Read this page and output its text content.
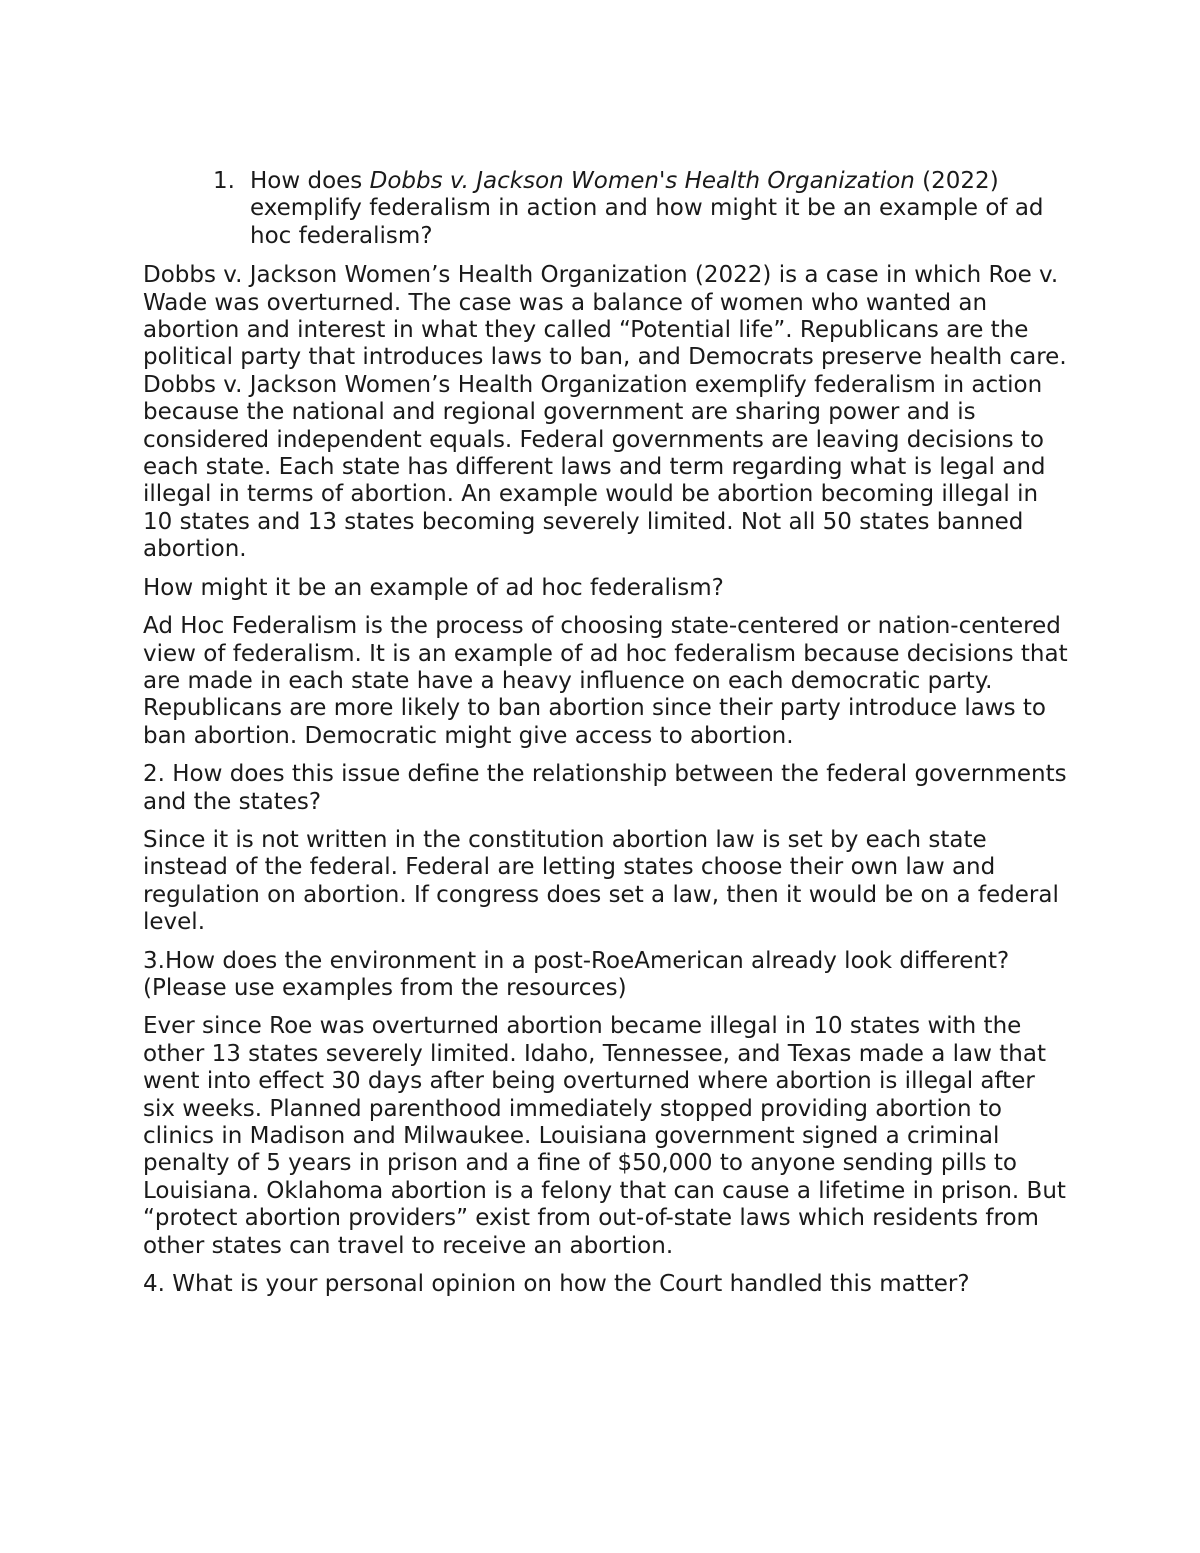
1. How does Dobbs v. Jackson Women's Health Organization (2022) exemplify federalism in action and how might it be an example of ad hoc federalism?

Dobbs v. Jackson Women’s Health Organization (2022) is a case in which Roe v. Wade was overturned. The case was a balance of women who wanted an abortion and interest in what they called “Potential life”. Republicans are the political party that introduces laws to ban, and Democrats preserve health care. Dobbs v. Jackson Women’s Health Organization exemplify federalism in action because the national and regional government are sharing power and is considered independent equals. Federal governments are leaving decisions to each state. Each state has different laws and term regarding what is legal and illegal in terms of abortion. An example would be abortion becoming illegal in 10 states and 13 states becoming severely limited. Not all 50 states banned abortion.

How might it be an example of ad hoc federalism?

Ad Hoc Federalism is the process of choosing state-centered or nation-centered view of federalism. It is an example of ad hoc federalism because decisions that are made in each state have a heavy influence on each democratic party. Republicans are more likely to ban abortion since their party introduce laws to ban abortion. Democratic might give access to abortion.

2. How does this issue define the relationship between the federal governments and the states?

Since it is not written in the constitution abortion law is set by each state instead of the federal. Federal are letting states choose their own law and regulation on abortion. If congress does set a law, then it would be on a federal level.

3.How does the environment in a post-RoeAmerican already look different? (Please use examples from the resources)

Ever since Roe was overturned abortion became illegal in 10 states with the other 13 states severely limited. Idaho, Tennessee, and Texas made a law that went into effect 30 days after being overturned where abortion is illegal after six weeks. Planned parenthood immediately stopped providing abortion to clinics in Madison and Milwaukee. Louisiana government signed a criminal penalty of 5 years in prison and a fine of $50,000 to anyone sending pills to Louisiana. Oklahoma abortion is a felony that can cause a lifetime in prison. But “protect abortion providers” exist from out-of-state laws which residents from other states can travel to receive an abortion.

4. What is your personal opinion on how the Court handled this matter?
